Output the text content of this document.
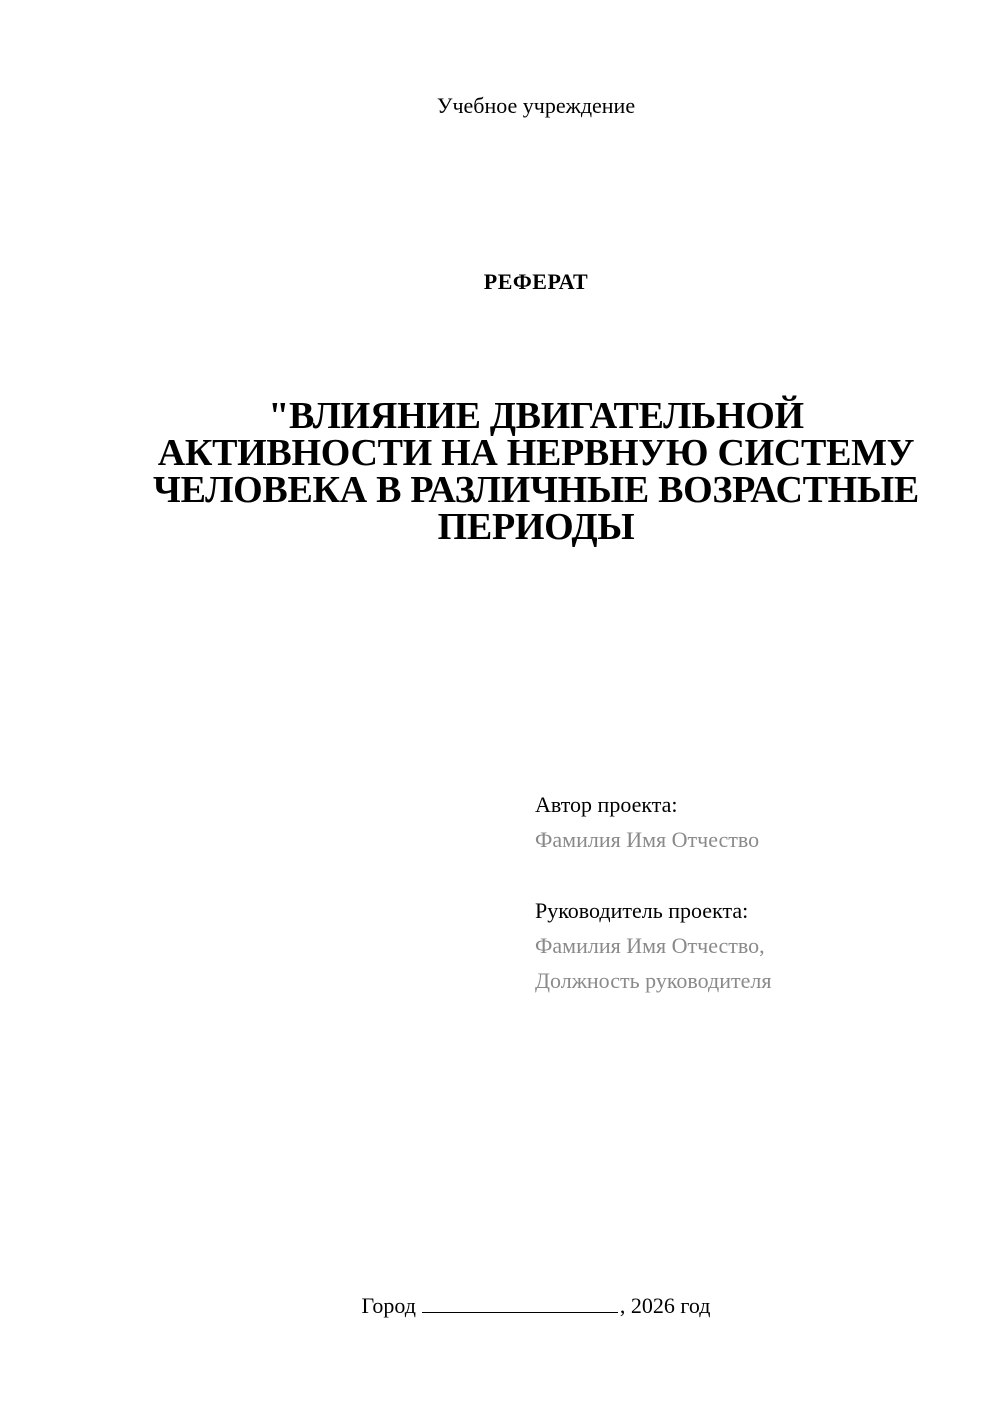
Учебное учреждение
РЕФЕРАТ
"ВЛИЯНИЕ ДВИГАТЕЛЬНОЙ АКТИВНОСТИ НА НЕРВНУЮ СИСТЕМУ ЧЕЛОВЕКА В РАЗЛИЧНЫЕ ВОЗРАСТНЫЕ ПЕРИОДЫ
Автор проекта:
Фамилия Имя Отчество
Руководитель проекта:
Фамилия Имя Отчество,
Должность руководителя
Город	, 2026 год
